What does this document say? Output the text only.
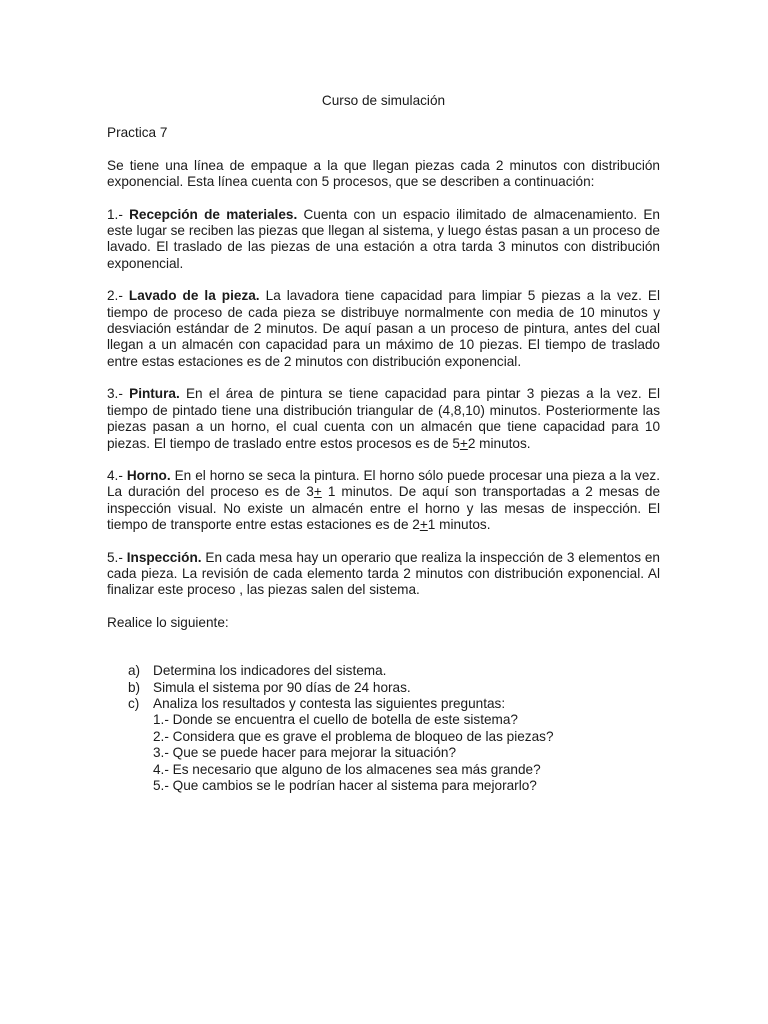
Curso de simulación

Practica 7

Se tiene una línea de empaque a la que llegan piezas cada 2 minutos con distribución exponencial. Esta línea cuenta con 5 procesos, que se describen a continuación:

1.- Recepción de materiales. Cuenta con un espacio ilimitado de almacenamiento. En este lugar se reciben las piezas que llegan al sistema, y luego éstas pasan a un proceso de lavado. El traslado de las piezas de una estación a otra tarda 3 minutos con distribución exponencial.

2.- Lavado de la pieza. La lavadora tiene capacidad para limpiar 5 piezas a la vez. El tiempo de proceso de cada pieza se distribuye normalmente con media de 10 minutos y desviación estándar de 2 minutos. De aquí pasan a un proceso de pintura, antes del cual llegan a un almacén con capacidad para un máximo de 10 piezas. El tiempo de traslado entre estas estaciones es de 2 minutos con distribución exponencial.

3.- Pintura. En el área de pintura se tiene capacidad para pintar 3 piezas a la vez. El tiempo de pintado tiene una distribución triangular de (4,8,10) minutos. Posteriormente las piezas pasan a un horno, el cual cuenta con un almacén que tiene capacidad para 10 piezas. El tiempo de traslado entre estos procesos es de 5+2 minutos.

4.- Horno. En el horno se seca la pintura. El horno sólo puede procesar una pieza a la vez. La duración del proceso es de 3+ 1 minutos. De aquí son transportadas a 2 mesas de inspección visual. No existe un almacén entre el horno y las mesas de inspección. El tiempo de transporte entre estas estaciones es de 2+1 minutos.

5.- Inspección. En cada mesa hay un operario que realiza la inspección de 3 elementos en cada pieza. La revisión de cada elemento tarda 2 minutos con distribución exponencial. Al finalizar este proceso , las piezas salen del sistema.

Realice lo siguiente:

a) Determina los indicadores del sistema.
b) Simula el sistema por 90 días de 24 horas.
c) Analiza los resultados y contesta las siguientes preguntas:
1.- Donde se encuentra el cuello de botella de este sistema?
2.- Considera que es grave el problema de bloqueo de las piezas?
3.- Que se puede hacer para mejorar la situación?
4.- Es necesario que alguno de los almacenes sea más grande?
5.- Que cambios se le podrían hacer al sistema para mejorarlo?
